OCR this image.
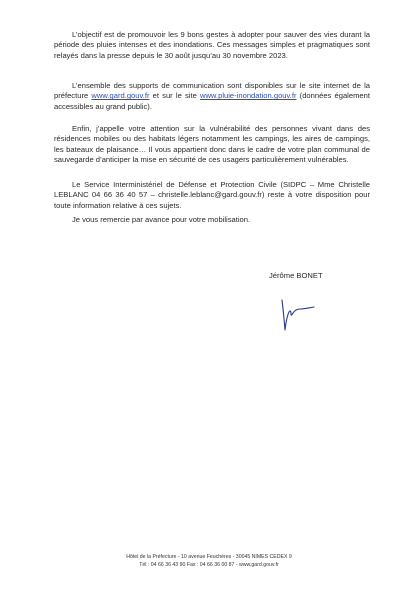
L’objectif est de promouvoir les 9 bons gestes à adopter pour sauver des vies durant la période des pluies intenses et des inondations. Ces messages simples et pragmatiques sont relayés dans la presse depuis le 30 août jusqu’au 30 novembre 2023.

L’ensemble des supports de communication sont disponibles sur le site internet de la préfecture www.gard.gouv.fr et sur le site www.pluie-inondation.gouv.fr (données également accessibles au grand public).

Enfin, j’appelle votre attention sur la vulnérabilité des personnes vivant dans des résidences mobiles ou des habitats légers notamment les campings, les aires de campings, les bateaux de plaisance… Il vous appartient donc dans le cadre de votre plan communal de sauvegarde d’anticiper la mise en sécurité de ces usagers particulièrement vulnérables.

Le Service Interministériel de Défense et Protection Civile (SIDPC – Mme Christelle LEBLANC 04 66 36 40 57 – christelle.leblanc@gard.gouv.fr) reste à votre disposition pour toute information relative à ces sujets.

Je vous remercie par avance pour votre mobilisation.

Jérôme BONET

Hôtel de la Préfecture - 10 avenue Feuchères - 30045 NIMES CEDEX 9
Tél : 04 66 36 43 90 Fax : 04 66 36 00 87 - www.gard.gouv.fr
